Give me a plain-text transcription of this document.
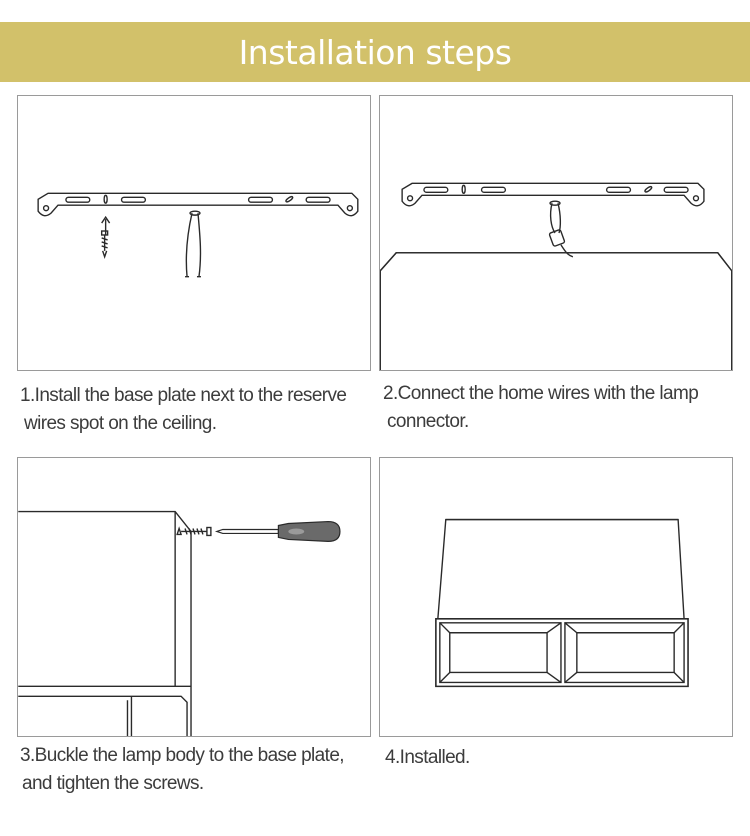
Installation steps
1.Install the base plate next to the reserve
wires spot on the ceiling.
2.Connect the home wires with the lamp
connector.
3.Buckle the lamp body to the base plate,
and tighten the screws.
4.Installed.
